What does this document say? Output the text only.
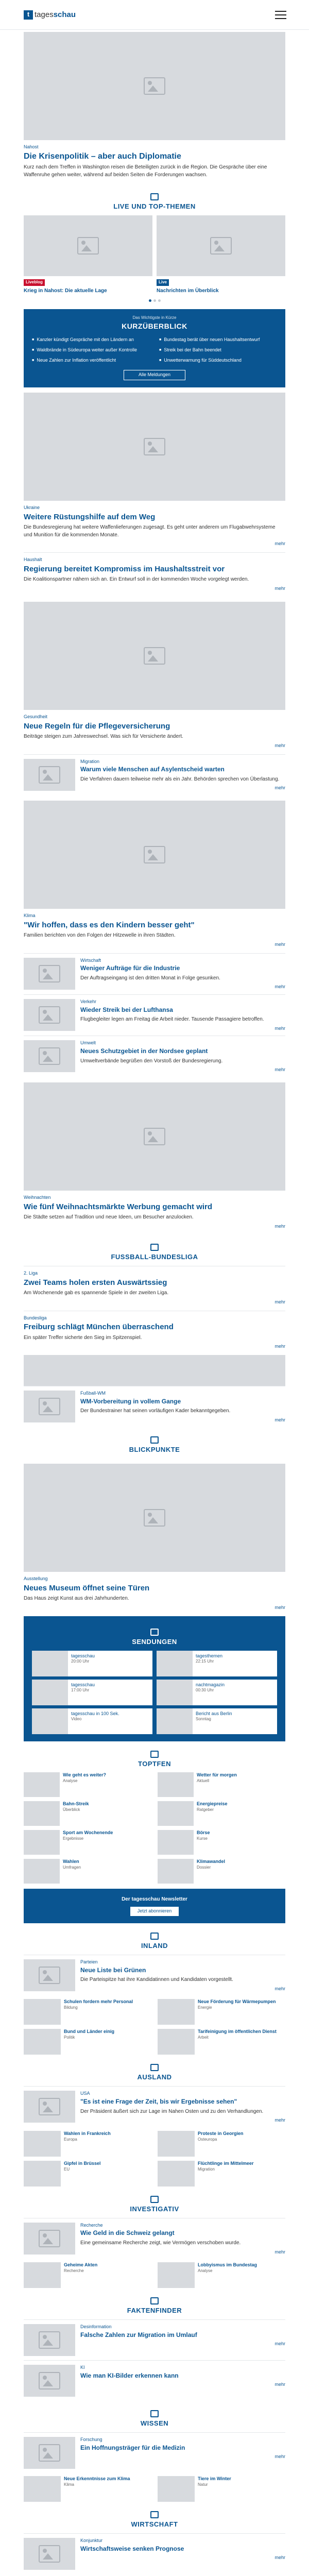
t tagesschau
Nahost
Die Krisenpolitik – aber auch Diplomatie

Kurz nach dem Treffen in Washington reisen die Beteiligten zurück in die Region. Die Gespräche über eine Waffenruhe gehen weiter, während auf beiden Seiten die Forderungen wachsen.

LIVE UND TOP-THEMEN
Liveblog
Krieg in Nahost: Die aktuelle Lage
Live
Nachrichten im Überblick
Das Wichtigste in Kürze
KURZÜBERBLICK
■ Kanzler kündigt Gespräche mit den Ländern an	■ Bundestag berät über neuen Haushaltsentwurf
■ Waldbrände in Südeuropa weiter außer Kontrolle	■ Streik bei der Bahn beendet
■ Neue Zahlen zur Inflation veröffentlicht	■ Unwetterwarnung für Süddeutschland
Alle Meldungen
Ukraine
Weitere Rüstungshilfe auf dem Weg

Die Bundesregierung hat weitere Waffenlieferungen zugesagt. Es geht unter anderem um Flugabwehrsysteme und Munition für die kommenden Monate.

mehr
Haushalt
Regierung bereitet Kompromiss im Haushaltsstreit vor

Die Koalitionspartner nähern sich an. Ein Entwurf soll in der kommenden Woche vorgelegt werden.

mehr
Gesundheit
Neue Regeln für die Pflegeversicherung

Beiträge steigen zum Jahreswechsel. Was sich für Versicherte ändert.

mehr
Migration
Warum viele Menschen auf Asylentscheid warten

Die Verfahren dauern teilweise mehr als ein Jahr. Behörden sprechen von Überlastung.

mehr
Klima
"Wir hoffen, dass es den Kindern besser geht"

Familien berichten von den Folgen der Hitzewelle in ihren Städten.

mehr
Wirtschaft
Weniger Aufträge für die Industrie

Der Auftragseingang ist den dritten Monat in Folge gesunken.

mehr
Verkehr
Wieder Streik bei der Lufthansa

Flugbegleiter legen am Freitag die Arbeit nieder. Tausende Passagiere betroffen.

mehr
Umwelt
Neues Schutzgebiet in der Nordsee geplant

Umweltverbände begrüßen den Vorstoß der Bundesregierung.

mehr
Weihnachten
Wie fünf Weihnachtsmärkte Werbung gemacht wird

Die Städte setzen auf Tradition und neue Ideen, um Besucher anzulocken.

mehr
FUSSBALL-BUNDESLIGA
2. Liga
Zwei Teams holen ersten Auswärtssieg

Am Wochenende gab es spannende Spiele in der zweiten Liga.

mehr
Bundesliga
Freiburg schlägt München überraschend

Ein später Treffer sicherte den Sieg im Spitzenspiel.

mehr
Fußball-WM
WM-Vorbereitung in vollem Gange

Der Bundestrainer hat seinen vorläufigen Kader bekanntgegeben.

mehr
BLICKPUNKTE
Ausstellung
Neues Museum öffnet seine Türen

Das Haus zeigt Kunst aus drei Jahrhunderten.

mehr
SENDUNGEN
tagesschau
20:00 Uhr
tagesthemen
22:15 Uhr
tagesschau
17:00 Uhr
nachtmagazin
00:30 Uhr
tagesschau in 100 Sek.
Video
Bericht aus Berlin
Sonntag
TOPTFEN
Wie geht es weiter?
Analyse
Wetter für morgen
Aktuell
Bahn-Streik
Überblick
Energiepreise
Ratgeber
Sport am Wochenende
Ergebnisse
Börse
Kurse
Wahlen
Umfragen
Klimawandel
Dossier
Der tagesschau Newsletter
Jetzt abonnieren
INLAND
Parteien
Neue Liste bei Grünen

Die Parteispitze hat ihre Kandidatinnen und Kandidaten vorgestellt.

mehr
Schulen fordern mehr Personal
Bildung
Neue Förderung für Wärmepumpen
Energie
Bund und Länder einig
Politik
Tarifeinigung im öffentlichen Dienst
Arbeit
AUSLAND
USA
"Es ist eine Frage der Zeit, bis wir Ergebnisse sehen"

Der Präsident äußert sich zur Lage im Nahen Osten und zu den Verhandlungen.

mehr
Wahlen in Frankreich
Europa
Proteste in Georgien
Osteuropa
Gipfel in Brüssel
EU
Flüchtlinge im Mittelmeer
Migration
INVESTIGATIV
Recherche
Wie Geld in die Schweiz gelangt

Eine gemeinsame Recherche zeigt, wie Vermögen verschoben wurde.

mehr
Geheime Akten
Recherche
Lobbyismus im Bundestag
Analyse
FAKTENFINDER
Desinformation
Falsche Zahlen zur Migration im Umlauf
mehr
KI
Wie man KI-Bilder erkennen kann
mehr
WISSEN
Forschung
Ein Hoffnungsträger für die Medizin
mehr
Neue Erkenntnisse zum Klima
Klima
Tiere im Winter
Natur
WIRTSCHAFT
Konjunktur
Wirtschaftsweise senken Prognose
mehr
